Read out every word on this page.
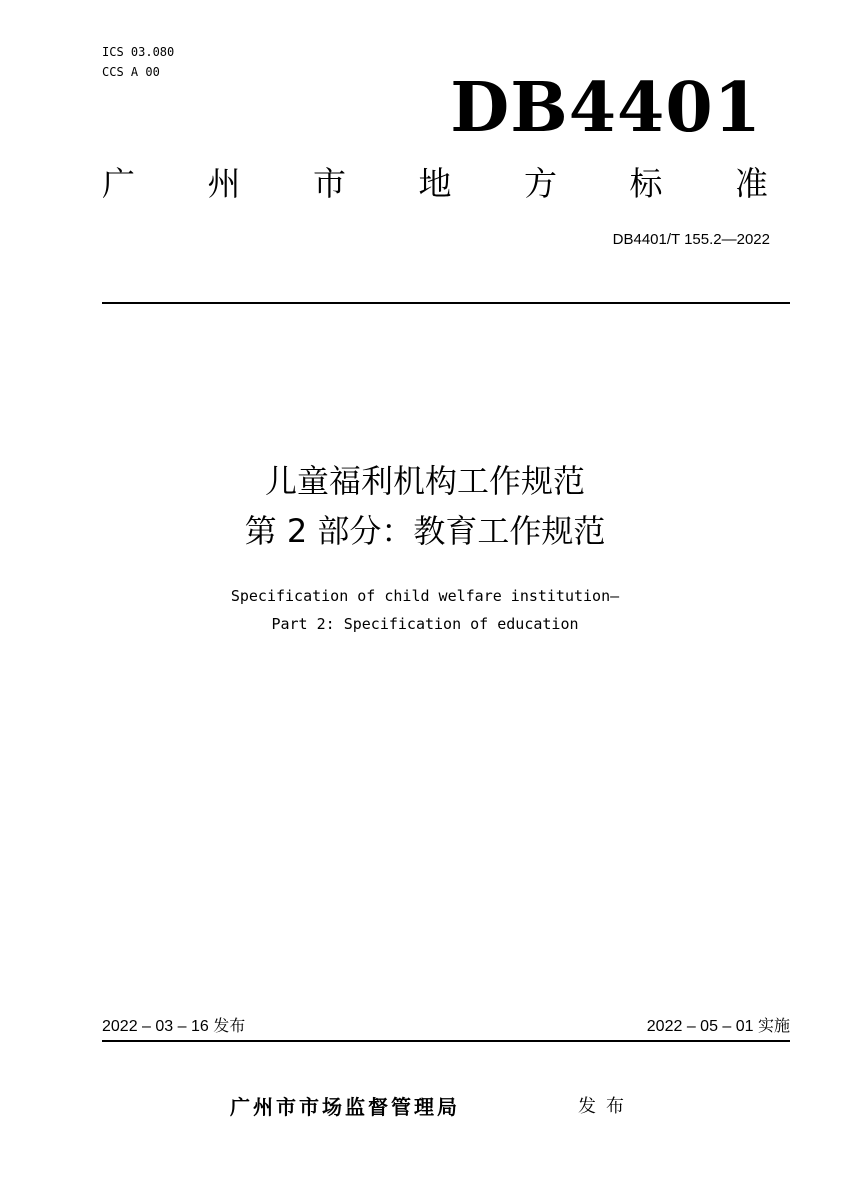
ICS 03.080
CCS A 00	DB4401
广 州 市 地 方 标 准
DB4401/T 155.2—2022
儿童福利机构工作规范
第 2 部分：教育工作规范
Specification of child welfare institution—
Part 2: Specification of education
2022 – 03 – 16 发布	2022 – 05 – 01 实施
广州市市场监督管理局	发布
